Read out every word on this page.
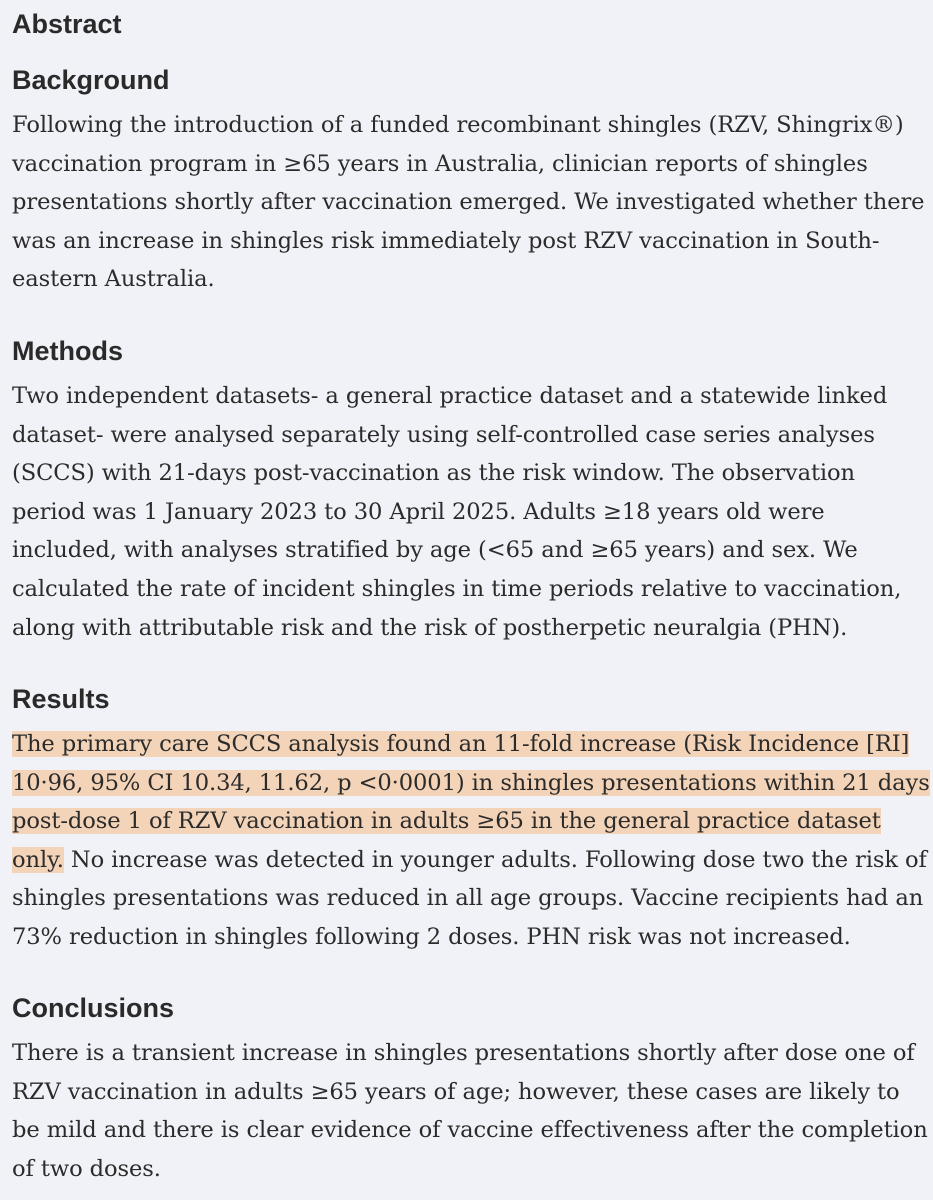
Abstract
Background

Following the introduction of a funded recombinant shingles (RZV, Shingrix®) vaccination program in ≥65 years in Australia, clinician reports of shingles presentations shortly after vaccination emerged. We investigated whether there was an increase in shingles risk immediately post RZV vaccination in South-eastern Australia.

Methods

Two independent datasets- a general practice dataset and a statewide linked dataset- were analysed separately using self-controlled case series analyses (SCCS) with 21-days post-vaccination as the risk window. The observation period was 1 January 2023 to 30 April 2025. Adults ≥18 years old were included, with analyses stratified by age (<65 and ≥65 years) and sex. We calculated the rate of incident shingles in time periods relative to vaccination, along with attributable risk and the risk of postherpetic neuralgia (PHN).

Results

The primary care SCCS analysis found an 11-fold increase (Risk Incidence [RI] 10·96, 95% CI 10.34, 11.62, p <0·0001) in shingles presentations within 21 days post-dose 1 of RZV vaccination in adults ≥65 in the general practice dataset only. No increase was detected in younger adults. Following dose two the risk of shingles presentations was reduced in all age groups. Vaccine recipients had an 73% reduction in shingles following 2 doses. PHN risk was not increased.

Conclusions

There is a transient increase in shingles presentations shortly after dose one of RZV vaccination in adults ≥65 years of age; however, these cases are likely to be mild and there is clear evidence of vaccine effectiveness after the completion of two doses.
